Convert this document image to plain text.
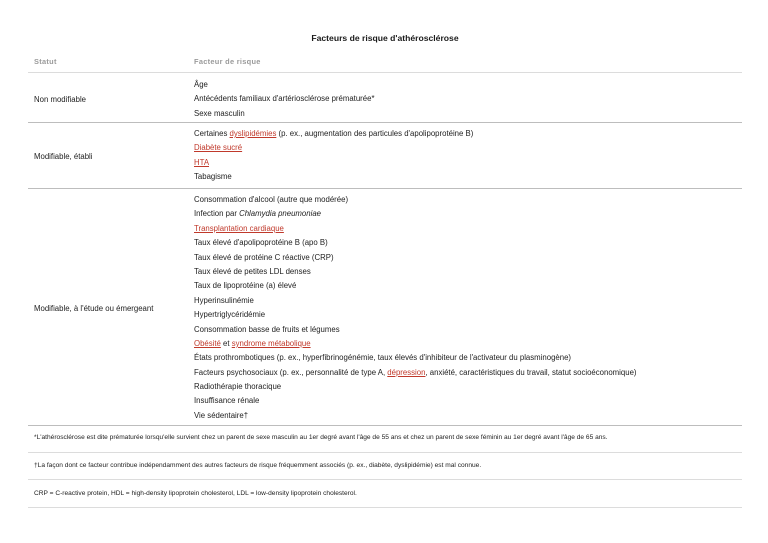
Facteurs de risque d'athérosclérose
Statut	Facteur de risque
Âge
Antécédents familiaux d'artériosclérose prématurée*
Sexe masculin
Non modifiable
Certaines dyslipidémies (p. ex., augmentation des particules d'apolipoprotéine B)
Diabète sucré
HTA
Tabagisme
Modifiable, établi
Consommation d'alcool (autre que modérée)
Infection par Chlamydia pneumoniae
Transplantation cardiaque
Taux élevé d'apolipoprotéine B (apo B)
Taux élevé de protéine C réactive (CRP)
Taux élevé de petites LDL denses
Taux de lipoprotéine (a) élevé
Hyperinsulinémie
Hypertriglycéridémie
Consommation basse de fruits et légumes
Obésité et syndrome métabolique
États prothrombotiques (p. ex., hyperfibrinogénémie, taux élevés d'inhibiteur de l'activateur du plasminogène)
Facteurs psychosociaux (p. ex., personnalité de type A, dépression, anxiété, caractéristiques du travail, statut socioéconomique)
Radiothérapie thoracique
Insuffisance rénale
Vie sédentaire†
Modifiable, à l'étude ou émergeant
*L'athérosclérose est dite prématurée lorsqu'elle survient chez un parent de sexe masculin au 1er degré avant l'âge de 55 ans et chez un parent de sexe féminin au 1er degré avant l'âge de 65 ans.
†La façon dont ce facteur contribue indépendamment des autres facteurs de risque fréquemment associés (p. ex., diabète, dyslipidémie) est mal connue.
CRP = C-reactive protein, HDL = high-density lipoprotein cholesterol, LDL = low-density lipoprotein cholesterol.
